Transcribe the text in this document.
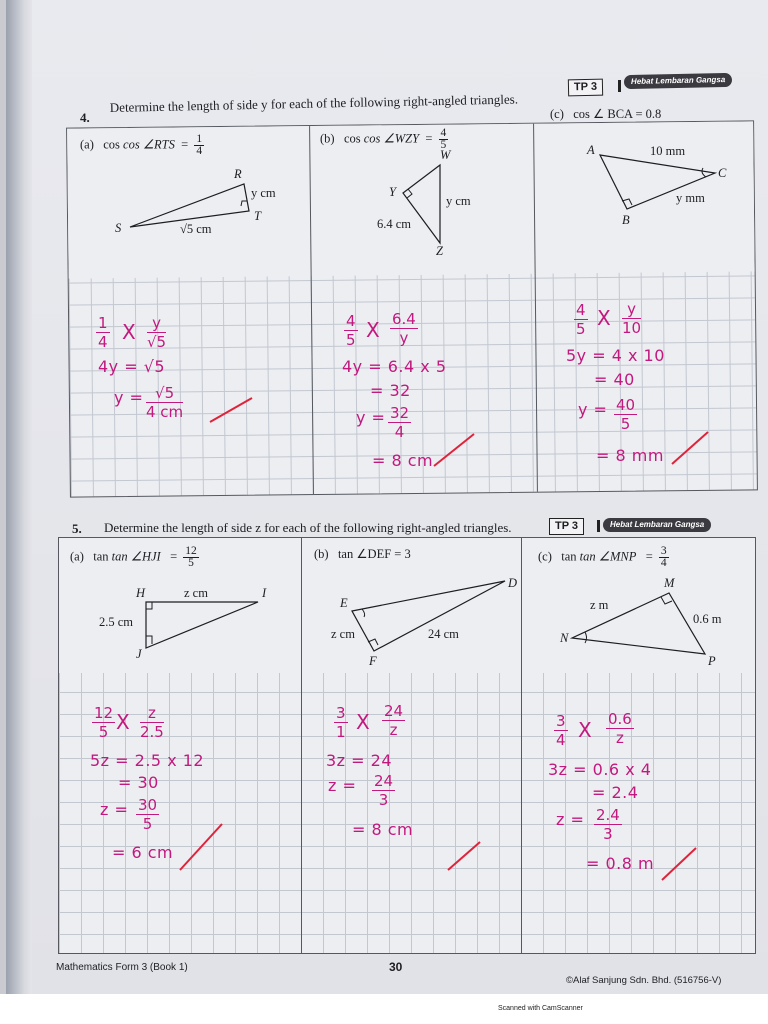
4.
Determine the length of side y for each of the following right-angled triangles.
TP 3
Hebat Lembaran Gangsa
(a)   cos cos ∠RTS = $\frac{1}{4}$
R
S
T
y cm
√5 cm
1
4 X	y
√5
4y = √5
y = √5
4 cm
(b)   cos cos ∠WZY = $\frac{4}{5}$
W
Y
Z
y cm
6.4 cm
4
5 X 6.4
y
4y = 6.4 x 5
= 32
y = 32
4
= 8 cm
(c) cos ∠ BCA = 0.8
A
B
C
10 mm
y mm
4
5 X	y
10
5y = 4 x 10
= 40
y = 40
5
= 8 mm
5. Determine the length of side z for each of the following right-angled triangles.	TP 3	Hebat Lembaran Gangsa
(a)   tan tan ∠HJI = $\frac{12}{5}$
H	I
J
z cm
2.5 cm
12
5 X	z
2.5
5z = 2.5 x 12
= 30
z = 30
5
= 6 cm
(b) tan ∠DEF = 3
D
E
F
z cm	24 cm
3
1 X 24
z
3z = 24
z = 24
3
= 8 cm
(c)   tan tan ∠MNP = $\frac{3}{4}$
M
N
P
z m
0.6 m
3
4 X 0.6
z
3z = 0.6 x 4
= 2.4
z = 2.4
3
= 0.8 m
Mathematics Form 3 (Book 1)	30
©Alaf Sanjung Sdn. Bhd. (516756-V)
Scanned with CamScanner
